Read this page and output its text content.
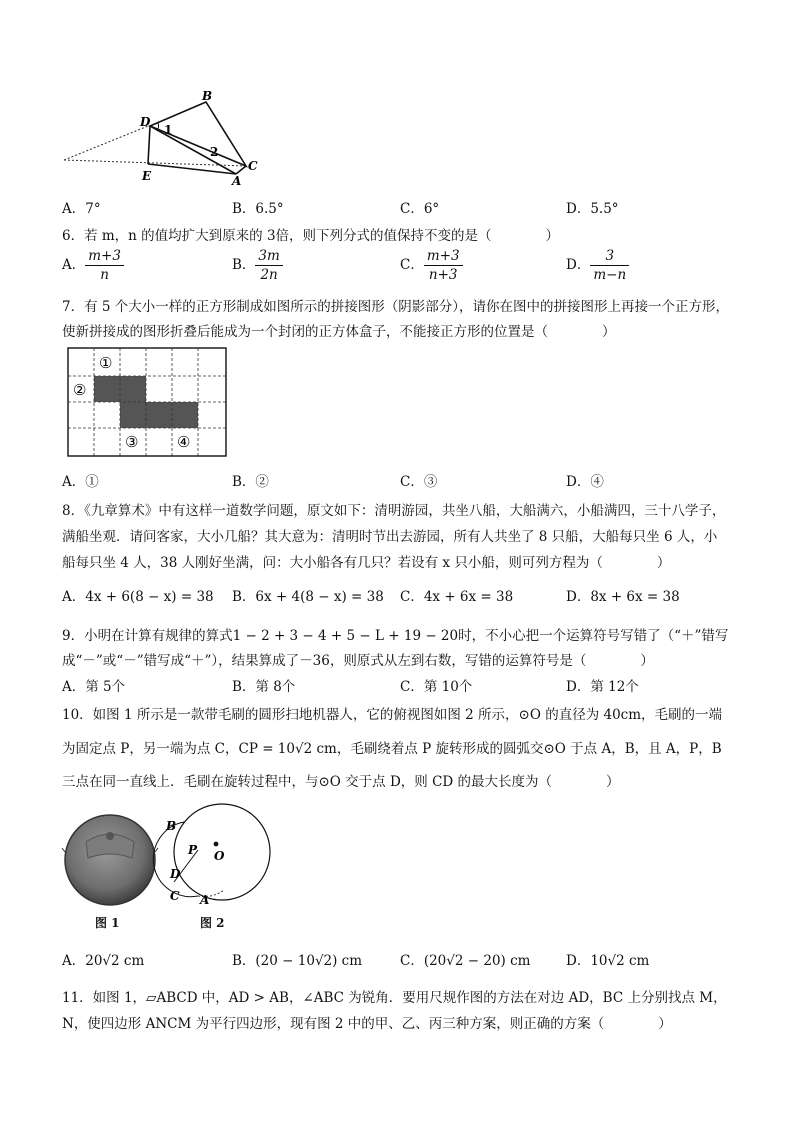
B
D
1
2
E	A
C
A．7°	B．6.5°	C．6°	D．5.5°
6．若 m，n 的值均扩大到原来的 3倍，则下列分式的值保持不变的是（　　　　）
A． $\frac{m+3}{n}$	B． $\frac{3m}{2n}$	C． $\frac{m+3}{n+3}$	D． $\frac{3}{m-n}$
7．有 5 个大小一样的正方形制成如图所示的拼接图形（阴影部分），请你在图中的拼接图形上再接一个正方形，
使新拼接成的图形折叠后能成为一个封闭的正方体盒子，不能接正方形的位置是（　　　　）
①
②
③	④
A．①	B．②	C．③	D．④
8．《九章算术》中有这样一道数学问题，原文如下：清明游园，共坐八船，大船满六，小船满四，三十八学子，
满船坐观．请问客家，大小几船？其大意为：清明时节出去游园，所有人共坐了 8 只船，大船每只坐 6 人，小
船每只坐 4 人，38 人刚好坐满，问：大小船各有几只？若设有 x 只小船，则可列方程为（　　　　）
A．4x + 6(8 − x) = 38 B．6x + 4(8 − x) = 38 C．4x + 6x = 38	D．8x + 6x = 38
9．小明在计算有规律的算式1 − 2 + 3 − 4 + 5 − L + 19 − 20时，不小心把一个运算符号写错了（“＋”错写
成“－”或“－”错写成“＋”），结果算成了－36，则原式从左到右数，写错的运算符号是（　　　　）
A．第 5个	B．第 8个	C．第 10个	D．第 12个
10．如图 1 所示是一款带毛刷的圆形扫地机器人，它的俯视图如图 2 所示，⊙O 的直径为 40cm，毛刷的一端
为固定点 P，另一端为点 C，CP = 10√2 cm，毛刷绕着点 P 旋转形成的圆弧交⊙O 于点 A，B，且 A，P，B
三点在同一直线上．毛刷在旋转过程中，与⊙O 交于点 D，则 CD 的最大长度为（　　　　）
图 1
B
P O
D
C A
图 2
A．20√2 cm	B．(20 − 10√2) cm	C．(20√2 − 20) cm	D．10√2 cm
11．如图 1，▱ABCD 中，AD > AB，∠ABC 为锐角．要用尺规作图的方法在对边 AD，BC 上分别找点 M，
N，使四边形 ANCM 为平行四边形，现有图 2 中的甲、乙、丙三种方案，则正确的方案（　　　　）
